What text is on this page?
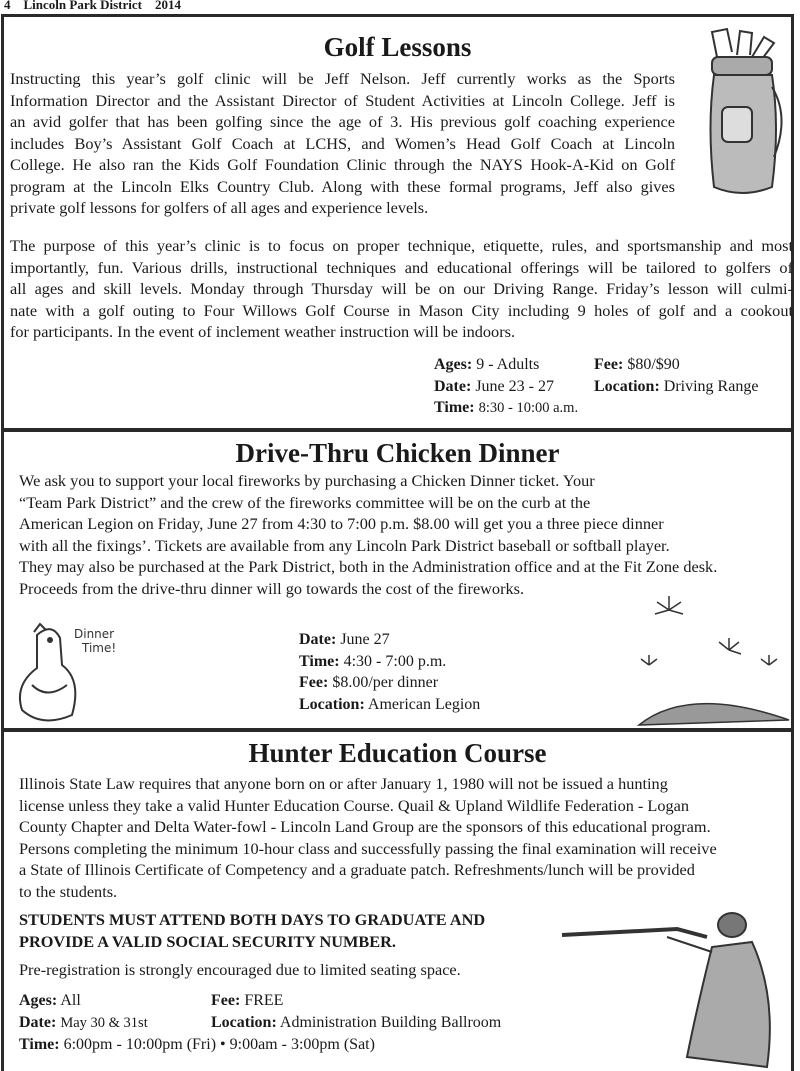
4 Lincoln Park District 2014
Golf Lessons
Instructing this year’s golf clinic will be Jeff Nelson. Jeff currently works as the Sports
Information Director and the Assistant Director of Student Activities at Lincoln College. Jeff is
an avid golfer that has been golfing since the age of 3. His previous golf coaching experience
includes Boy’s Assistant Golf Coach at LCHS, and Women’s Head Golf Coach at Lincoln
College. He also ran the Kids Golf Foundation Clinic through the NAYS Hook-A-Kid on Golf
program at the Lincoln Elks Country Club. Along with these formal programs, Jeff also gives
private golf lessons for golfers of all ages and experience levels.
The purpose of this year’s clinic is to focus on proper technique, etiquette, rules, and sportsmanship and most
importantly, fun. Various drills, instructional techniques and educational offerings will be tailored to golfers of
all ages and skill levels. Monday through Thursday will be on our Driving Range. Friday’s lesson will culmi-
nate with a golf outing to Four Willows Golf Course in Mason City including 9 holes of golf and a cookout
for participants. In the event of inclement weather instruction will be indoors.
Ages: 9 - Adults
Date: June 23 - 27
Time: 8:30 - 10:00 a.m.
Fee: $80/$90
Location: Driving Range
Drive-Thru Chicken Dinner
We ask you to support your local fireworks by purchasing a Chicken Dinner ticket. Your
“Team Park District” and the crew of the fireworks committee will be on the curb at the
American Legion on Friday, June 27 from 4:30 to 7:00 p.m. $8.00 will get you a three piece dinner
with all the fixings’. Tickets are available from any Lincoln Park District baseball or softball player.
They may also be purchased at the Park District, both in the Administration office and at the Fit Zone desk.
Proceeds from the drive-thru dinner will go towards the cost of the fireworks.
Date: June 27
Time: 4:30 - 7:00 p.m.
Fee: $8.00/per dinner
Location: American Legion
Dinner
Time!
Hunter Education Course
Illinois State Law requires that anyone born on or after January 1, 1980 will not be issued a hunting
license unless they take a valid Hunter Education Course. Quail & Upland Wildlife Federation - Logan
County Chapter and Delta Water-fowl - Lincoln Land Group are the sponsors of this educational program.
Persons completing the minimum 10-hour class and successfully passing the final examination will receive
a State of Illinois Certificate of Competency and a graduate patch. Refreshments/lunch will be provided
to the students.
STUDENTS MUST ATTEND BOTH DAYS TO GRADUATE AND
PROVIDE A VALID SOCIAL SECURITY NUMBER.
Pre-registration is strongly encouraged due to limited seating space.
Ages: All
Date: May 30 & 31st
Time: 6:00pm - 10:00pm (Fri) • 9:00am - 3:00pm (Sat)
Fee: FREE
Location: Administration Building Ballroom
